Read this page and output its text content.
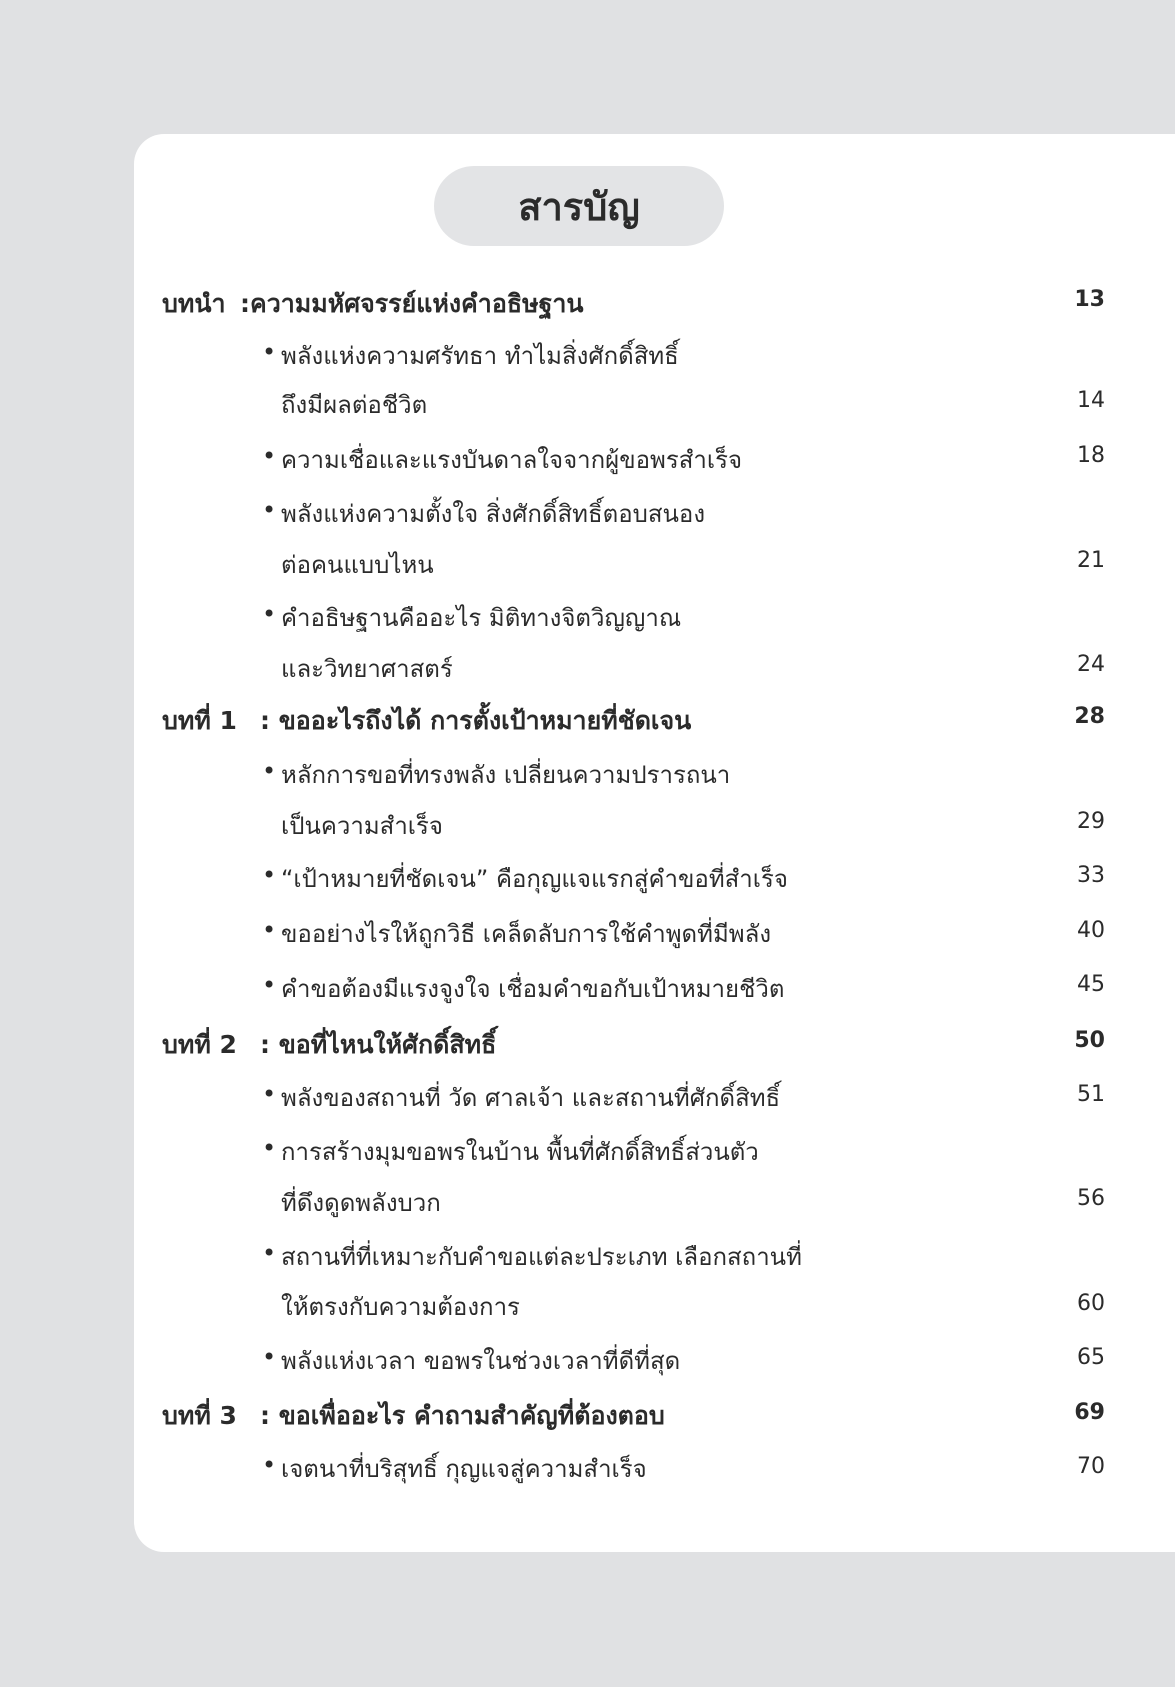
สารบัญ
บทนำ :ความมหัศจรรย์แห่งคำอธิษฐาน	13
• พลังแห่งความศรัทธา ทำไมสิ่งศักดิ์สิทธิ์
ถึงมีผลต่อชีวิต	14
• ความเชื่อและแรงบันดาลใจจากผู้ขอพรสำเร็จ	18
• พลังแห่งความตั้งใจ สิ่งศักดิ์สิทธิ์ตอบสนอง
ต่อคนแบบไหน	21
• คำอธิษฐานคืออะไร มิติทางจิตวิญญาณ
และวิทยาศาสตร์	24
บทที่ 1 : ขออะไรถึงได้ การตั้งเป้าหมายที่ชัดเจน	28
• หลักการขอที่ทรงพลัง เปลี่ยนความปรารถนา
เป็นความสำเร็จ	29
• “เป้าหมายที่ชัดเจน” คือกุญแจแรกสู่คำขอที่สำเร็จ	33
• ขออย่างไรให้ถูกวิธี เคล็ดลับการใช้คำพูดที่มีพลัง	40
• คำขอต้องมีแรงจูงใจ เชื่อมคำขอกับเป้าหมายชีวิต	45
บทที่ 2 : ขอที่ไหนให้ศักดิ์สิทธิ์	50
• พลังของสถานที่ วัด ศาลเจ้า และสถานที่ศักดิ์สิทธิ์	51
• การสร้างมุมขอพรในบ้าน พื้นที่ศักดิ์สิทธิ์ส่วนตัว
ที่ดึงดูดพลังบวก	56
• สถานที่ที่เหมาะกับคำขอแต่ละประเภท เลือกสถานที่
ให้ตรงกับความต้องการ	60
• พลังแห่งเวลา ขอพรในช่วงเวลาที่ดีที่สุด	65
บทที่ 3 : ขอเพื่ออะไร คำถามสำคัญที่ต้องตอบ	69
• เจตนาที่บริสุทธิ์ กุญแจสู่ความสำเร็จ	70
